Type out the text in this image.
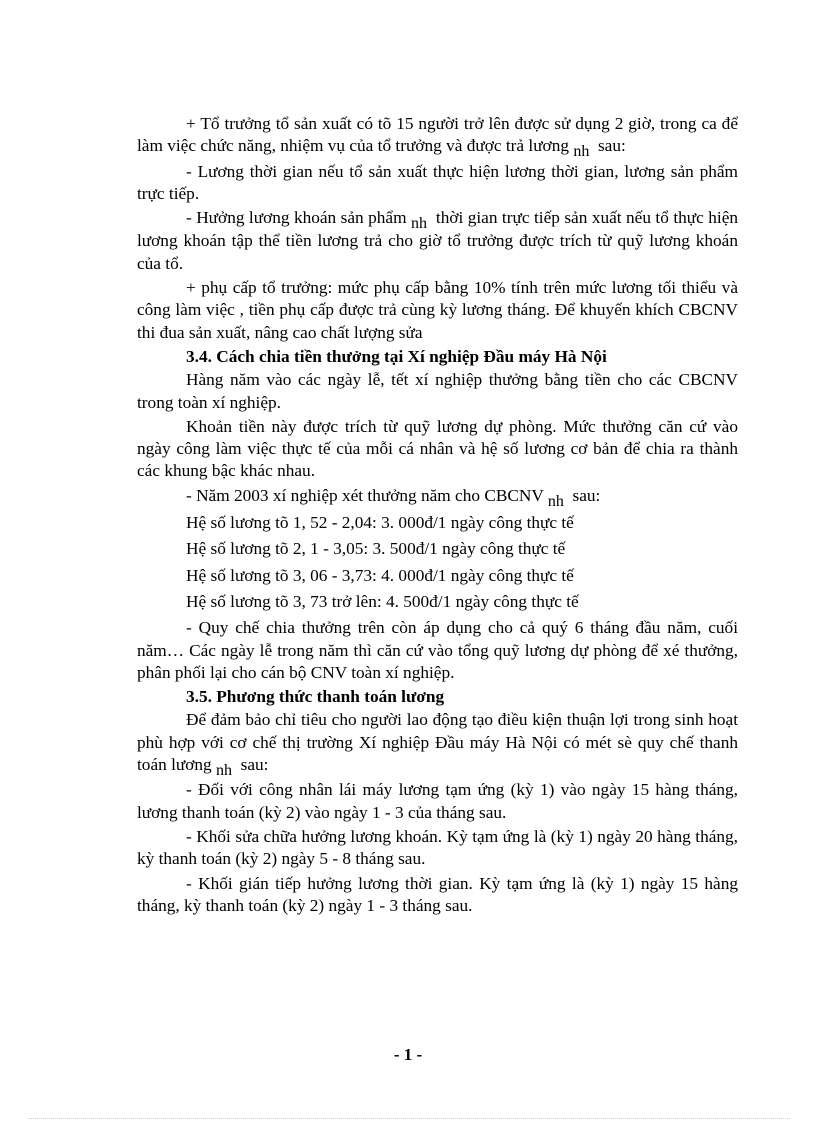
+ Tổ trưởng tổ sản xuất có tõ 15 người trở lên được sử dụng 2 giờ, trong ca để làm việc chức năng, nhiệm vụ của tổ trưởng và được trả lương nh sau:

- Lương thời gian nếu tổ sản xuất thực hiện lương thời gian, lương sản phẩm trực tiếp.

- Hưởng lương khoán sản phẩm nh thời gian trực tiếp sản xuất nếu tổ thực hiện lương khoán tập thể tiền lương trả cho giờ tổ trưởng được trích từ quỹ lương khoán của tổ.

+ phụ cấp tổ trưởng: mức phụ cấp bằng 10% tính trên mức lương tối thiểu và công làm việc , tiền phụ cấp được trả cùng kỳ lương tháng. Để khuyến khích CBCNV thi đua sản xuất, nâng cao chất lượng sửa

3.4. Cách chia tiền thưởng tại Xí nghiệp Đầu máy Hà Nội

Hàng năm vào các ngày lễ, tết xí nghiệp thưởng bằng tiền cho các CBCNV trong toàn xí nghiệp.

Khoản tiền này được trích từ quỹ lương dự phòng. Mức thưởng căn cứ vào ngày công làm việc thực tế của mỗi cá nhân và hệ số lương cơ bản để chia ra thành các khung bậc khác nhau.

- Năm 2003 xí nghiệp xét thưởng năm cho CBCNV nh sau:

Hệ số lương tõ 1, 52 - 2,04: 3. 000đ/1 ngày công thực tế

Hệ số lương tõ 2, 1 - 3,05: 3. 500đ/1 ngày công thực tế

Hệ số lương tõ 3, 06 - 3,73: 4. 000đ/1 ngày công thực tế

Hệ số lương tõ 3, 73 trở lên: 4. 500đ/1 ngày công thực tế

- Quy chế chia thưởng trên còn áp dụng cho cả quý 6 tháng đầu năm, cuối năm… Các ngày lễ trong năm thì căn cứ vào tổng quỹ lương dự phòng để xé thưởng, phân phối lại cho cán bộ CNV toàn xí nghiệp.

3.5. Phương thức thanh toán lương

Để đảm bảo chỉ tiêu cho người lao động tạo điều kiện thuận lợi trong sinh hoạt phù hợp với cơ chế thị trường Xí nghiệp Đầu máy Hà Nội có mét sè quy chế thanh toán lương nh sau:

- Đối với công nhân lái máy lương tạm ứng (kỳ 1) vào ngày 15 hàng tháng, lương thanh toán (kỳ 2) vào ngày 1 - 3 của tháng sau.

- Khối sửa chữa hưởng lương khoán. Kỳ tạm ứng là (kỳ 1) ngày 20 hàng tháng, kỳ thanh toán (kỳ 2) ngày 5 - 8 tháng sau.

- Khối gián tiếp hưởng lương thời gian. Kỳ tạm ứng là (kỳ 1) ngày 15 hàng tháng, kỳ thanh toán (kỳ 2) ngày 1 - 3 tháng sau.

- 1 -
